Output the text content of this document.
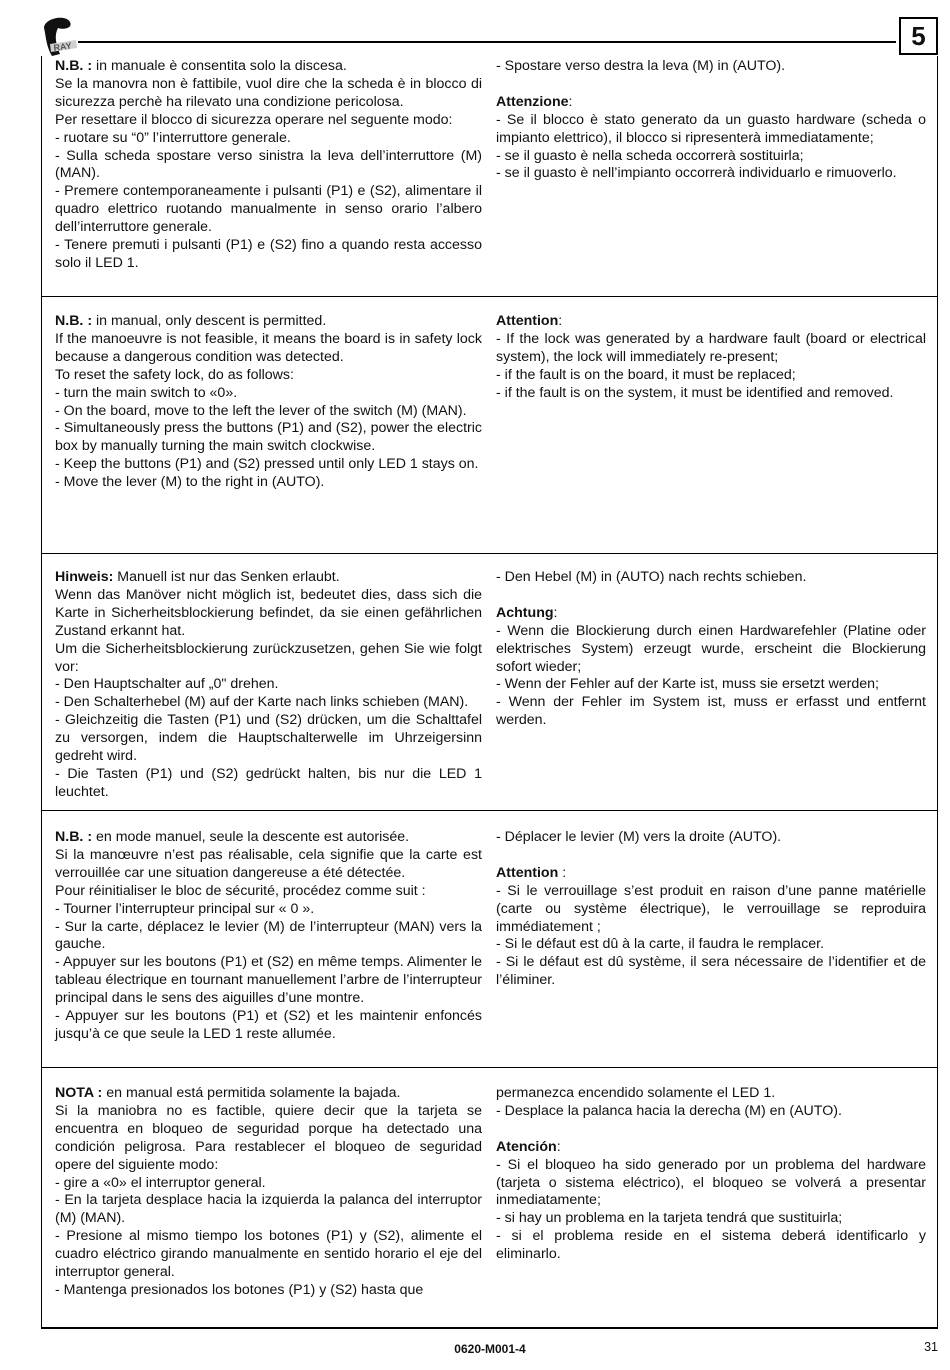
RAY	5
N.B. : in manuale è consentita solo la discesa.
Se la manovra non è fattibile, vuol dire che la scheda è in blocco di sicurezza perchè ha rilevato una condizione pericolosa.
Per resettare il blocco di sicurezza operare nel seguente modo:
- ruotare su “0” l’interruttore generale.
- Sulla scheda spostare verso sinistra la leva dell’interruttore (M) (MAN).
- Premere contemporaneamente i pulsanti (P1) e (S2), alimentare il quadro elettrico ruotando manualmente in senso orario l’albero dell’interruttore generale.
- Tenere premuti i pulsanti (P1) e (S2) fino a quando resta accesso solo il LED 1.
- Spostare verso destra la leva (M) in (AUTO).

Attenzione:
- Se il blocco è stato generato da un guasto hardware (scheda o impianto elettrico), il blocco si ripresenterà immediatamente;
- se il guasto è nella scheda occorrerà sostituirla;
- se il guasto è nell’impianto occorrerà individuarlo e rimuoverlo.
N.B. : in manual, only descent is permitted.
If the manoeuvre is not feasible, it means the board is in safety lock because a dangerous condition was detected.
To reset the safety lock, do as follows:
- turn the main switch to «0».
- On the board, move to the left the lever of the switch (M) (MAN).
- Simultaneously press the buttons (P1) and (S2), power the electric box by manually turning the main switch clockwise.
- Keep the buttons (P1) and (S2) pressed until only LED 1 stays on.
- Move the lever (M) to the right in (AUTO).
Attention:
- If the lock was generated by a hardware fault (board or electrical system), the lock will immediately re-present;
- if the fault is on the board, it must be replaced;
- if the fault is on the system, it must be identified and removed.
Hinweis: Manuell ist nur das Senken erlaubt.
Wenn das Manöver nicht möglich ist, bedeutet dies, dass sich die Karte in Sicherheitsblockierung befindet, da sie einen gefährlichen Zustand erkannt hat.
Um die Sicherheitsblockierung zurückzusetzen, gehen Sie wie folgt vor:
- Den Hauptschalter auf „0" drehen.
- Den Schalterhebel (M) auf der Karte nach links schieben (MAN).
- Gleichzeitig die Tasten (P1) und (S2) drücken, um die Schalttafel zu versorgen, indem die Hauptschalterwelle im Uhrzeigersinn gedreht wird.
- Die Tasten (P1) und (S2) gedrückt halten, bis nur die LED 1 leuchtet.
- Den Hebel (M) in (AUTO) nach rechts schieben.

Achtung:
- Wenn die Blockierung durch einen Hardwarefehler (Platine oder elektrisches System) erzeugt wurde, erscheint die Blockierung sofort wieder;
- Wenn der Fehler auf der Karte ist, muss sie ersetzt werden;
- Wenn der Fehler im System ist, muss er erfasst und entfernt werden.
N.B. : en mode manuel, seule la descente est autorisée.
Si la manœuvre n’est pas réalisable, cela signifie que la carte est verrouillée car une situation dangereuse a été détectée.
Pour réinitialiser le bloc de sécurité, procédez comme suit :
- Tourner l’interrupteur principal sur « 0 ».
- Sur la carte, déplacez le levier (M) de l’interrupteur (MAN) vers la gauche.
- Appuyer sur les boutons (P1) et (S2) en même temps. Alimenter le tableau électrique en tournant manuellement l’arbre de l’interrupteur principal dans le sens des aiguilles d’une montre.
- Appuyer sur les boutons (P1) et (S2) et les maintenir enfoncés jusqu’à ce que seule la LED 1 reste allumée.
- Déplacer le levier (M) vers la droite (AUTO).

Attention :
- Si le verrouillage s’est produit en raison d’une panne matérielle (carte ou système électrique), le verrouillage se reproduira immédiatement ;
- Si le défaut est dû à la carte, il faudra le remplacer.
- Si le défaut est dû système, il sera nécessaire de l’identifier et de l’éliminer.
NOTA : en manual está permitida solamente la bajada.
Si la maniobra no es factible, quiere decir que la tarjeta se encuentra en bloqueo de seguridad porque ha detectado una condición peligrosa. Para restablecer el bloqueo de seguridad opere del siguiente modo:
- gire a «0» el interruptor general.
- En la tarjeta desplace hacia la izquierda la palanca del interruptor (M) (MAN).
- Presione al mismo tiempo los botones (P1) y (S2), alimente el cuadro eléctrico girando manualmente en sentido horario el eje del interruptor general.
- Mantenga presionados los botones (P1) y (S2) hasta que
permanezca encendido solamente el LED 1.
- Desplace la palanca hacia la derecha (M) en (AUTO).

Atención:
- Si el bloqueo ha sido generado por un problema del hardware (tarjeta o sistema eléctrico), el bloqueo se volverá a presentar inmediatamente;
- si hay un problema en la tarjeta tendrá que sustituirla;
- si el problema reside en el sistema deberá identificarlo y eliminarlo.
0620-M001-4	31
